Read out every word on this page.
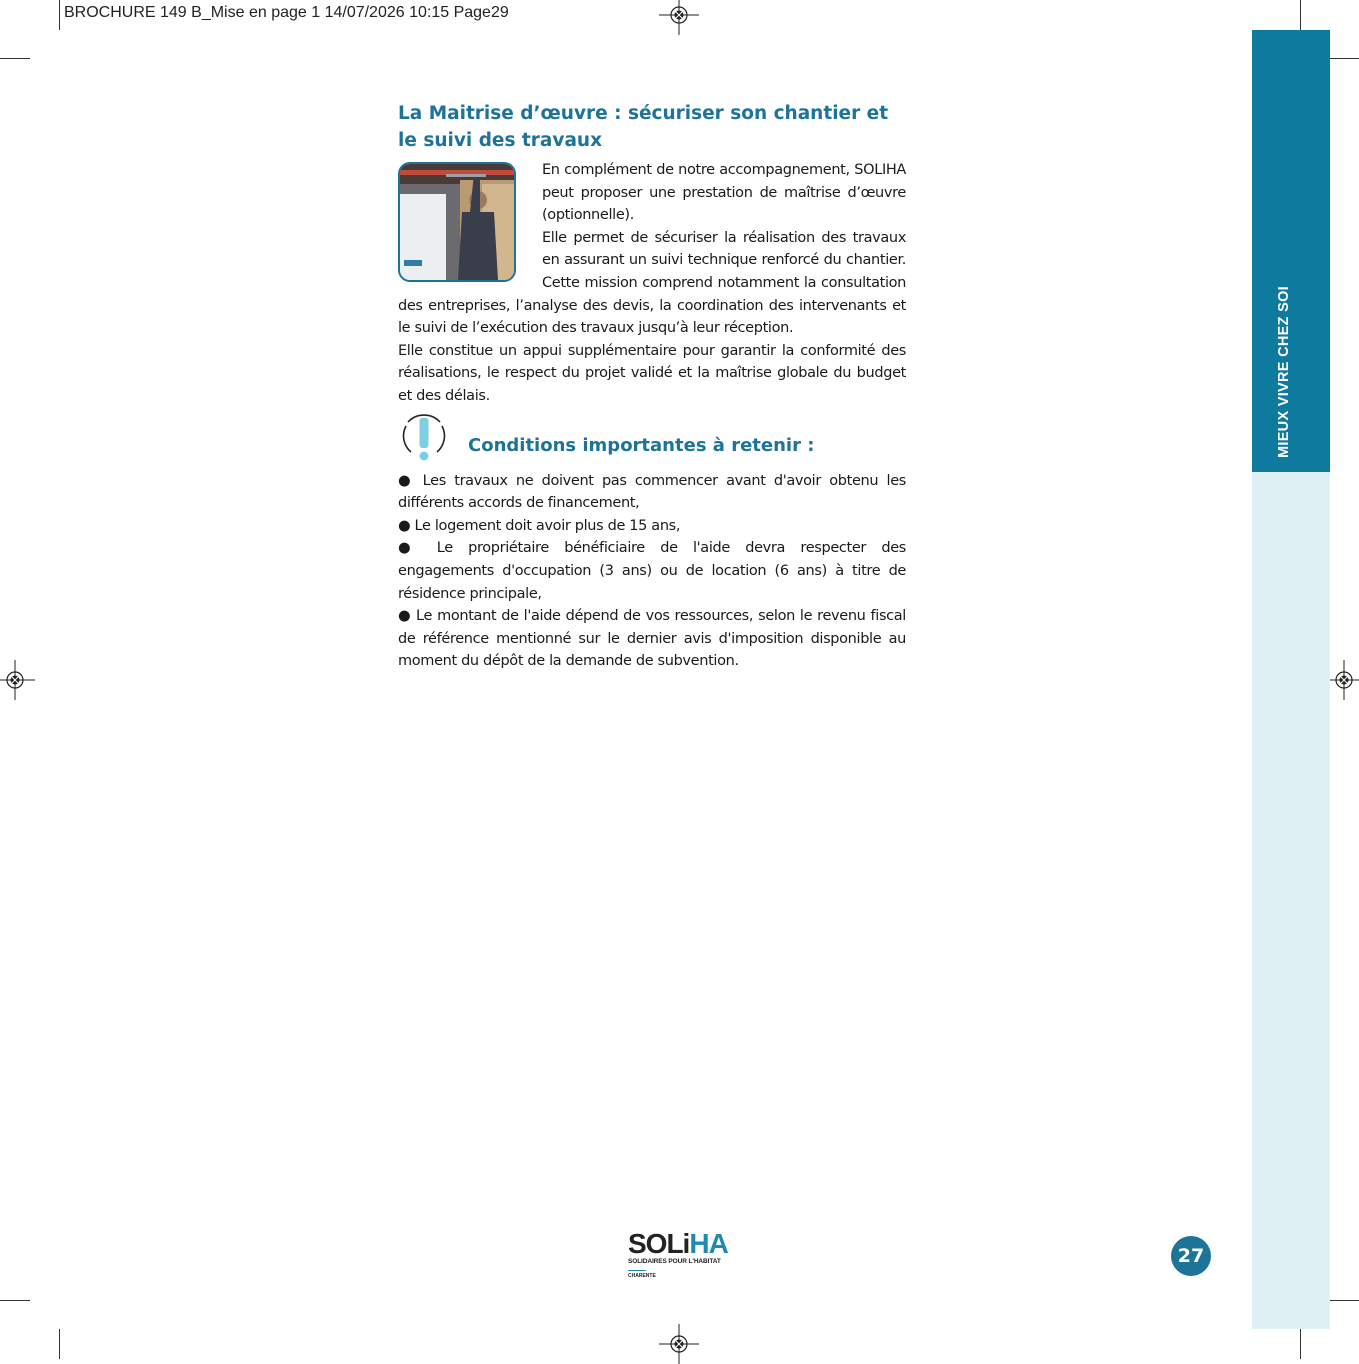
BROCHURE 149 B_Mise en page 1 14/07/2026 10:15 Page29
MIEUX VIVRE CHEZ SOI
La Maitrise d’œuvre : sécuriser son chantier et le suivi des travaux

En complément de notre accompagnement, SOLIHA peut proposer une prestation de maîtrise d’œuvre (optionnelle).

Elle permet de sécuriser la réalisation des travaux en assurant un suivi technique renforcé du chantier. Cette mission comprend notamment la consultation des entreprises, l’analyse des devis, la coordination des intervenants et le suivi de l’exécution des travaux jusqu’à leur réception.

Elle constitue un appui supplémentaire pour garantir la conformité des réalisations, le respect du projet validé et la maîtrise globale du budget et des délais.

Conditions importantes à retenir :

● Les travaux ne doivent pas commencer avant d'avoir obtenu les différents accords de financement,

● Le logement doit avoir plus de 15 ans,

● Le propriétaire bénéficiaire de l'aide devra respecter des engagements d'occupation (3 ans) ou de location (6 ans) à titre de résidence principale,

● Le montant de l'aide dépend de vos ressources, selon le revenu fiscal de référence mentionné sur le dernier avis d'imposition disponible au moment du dépôt de la demande de subvention.

SOLiHA
SOLIDAIRES POUR L'HABITAT
CHARENTE
27
